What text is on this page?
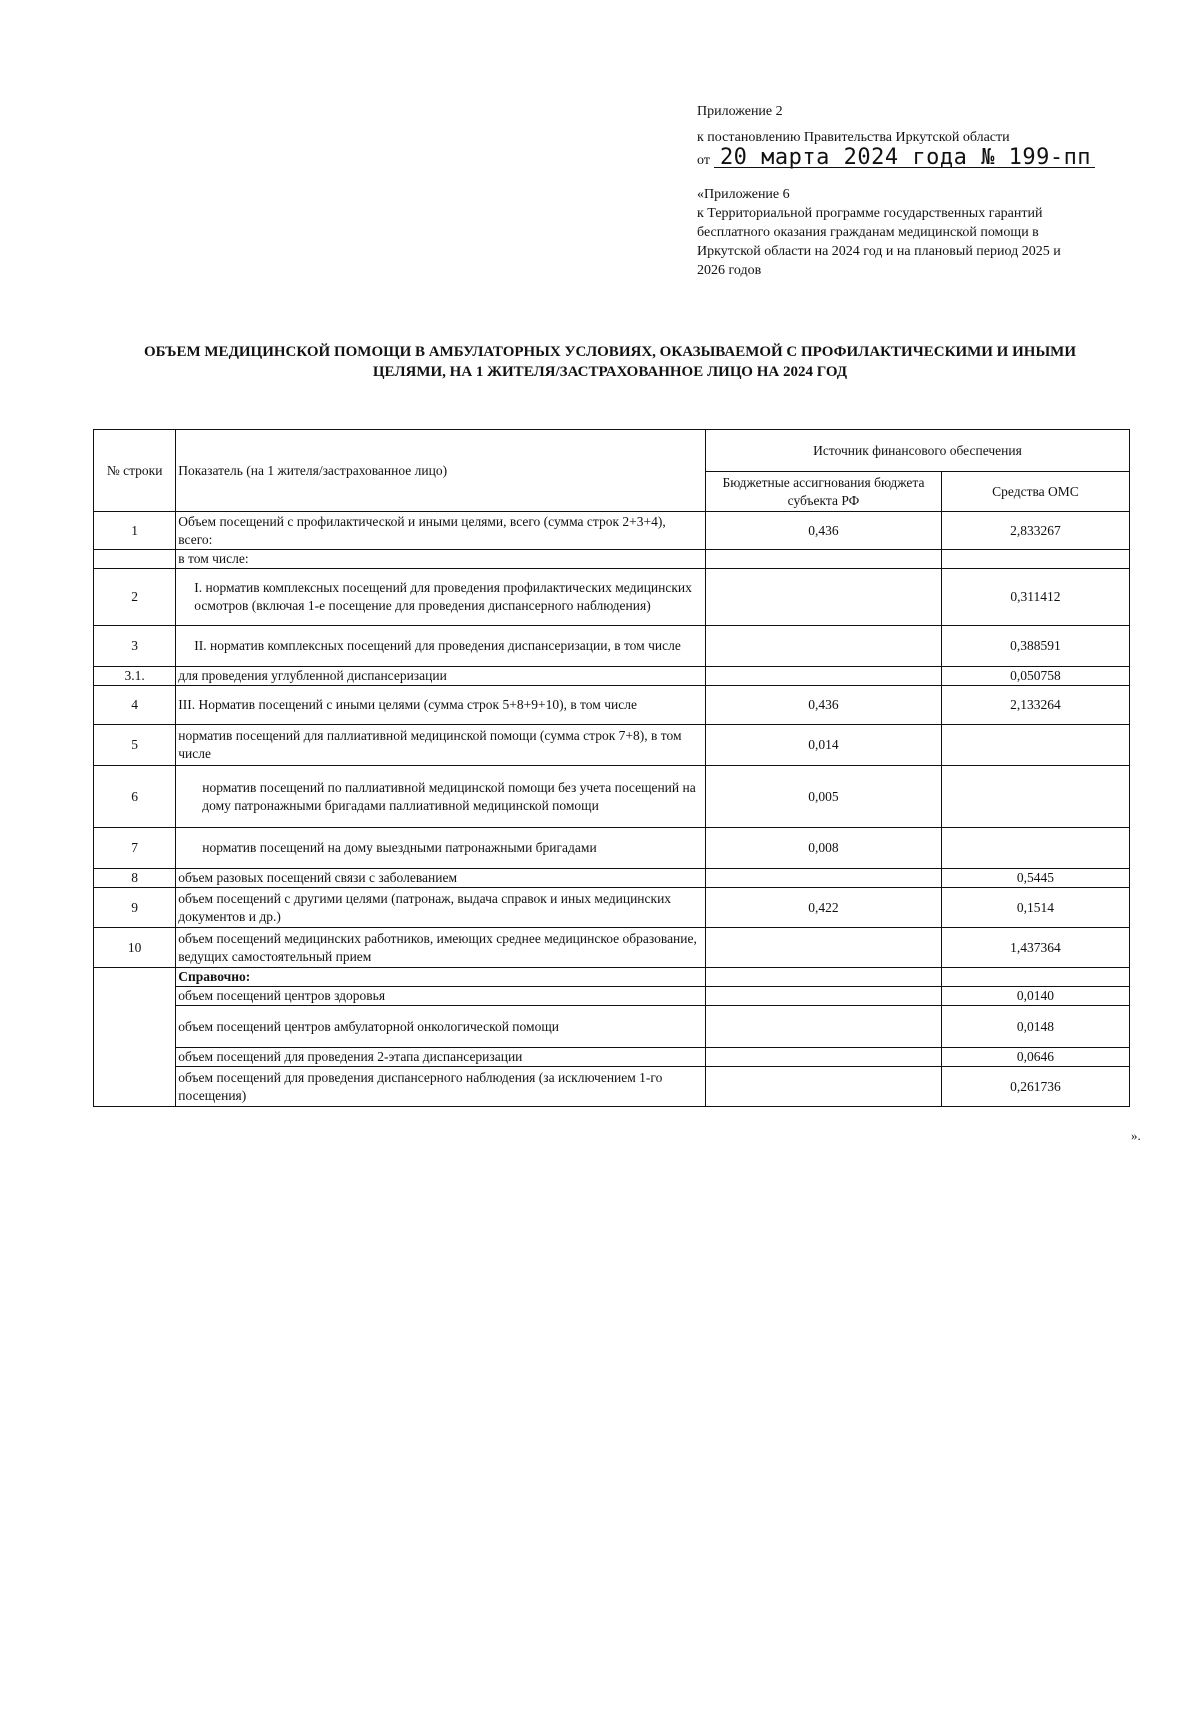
Приложение 2
к постановлению Правительства Иркутской области
от 20 марта 2024 года № 199-пп
«Приложение 6
к Территориальной программе государственных гарантий
бесплатного оказания гражданам медицинской помощи в
Иркутской области на 2024 год и на плановый период 2025 и
2026 годов
ОБЪЕМ МЕДИЦИНСКОЙ ПОМОЩИ В АМБУЛАТОРНЫХ УСЛОВИЯХ, ОКАЗЫВАЕМОЙ С ПРОФИЛАКТИЧЕСКИМИ И ИНЫМИ
ЦЕЛЯМИ, НА 1 ЖИТЕЛЯ/ЗАСТРАХОВАННОЕ ЛИЦО НА 2024 ГОД
№ строки	Показатель (на 1 жителя/застрахованное лицо)	Источник финансового обеспечения	
		Бюджетные ассигнования бюджета субъекта РФ	Средства ОМС
1	Объем посещений с профилактической и иными целями, всего (сумма строк 2+3+4), всего:	0,436	2,833267
	в том числе:		
2	I. норматив комплексных посещений для проведения профилактических медицинских осмотров (включая 1-е посещение для проведения диспансерного наблюдения)		0,311412
3	II. норматив комплексных посещений для проведения диспансеризации, в том числе		0,388591
3.1.	для проведения углубленной диспансеризации		0,050758
4	III. Норматив посещений с иными целями (сумма строк 5+8+9+10), в том числе	0,436	2,133264
5	норматив посещений для паллиативной медицинской помощи (сумма строк 7+8), в том числе	0,014	
6	норматив посещений по паллиативной медицинской помощи без учета посещений на дому патронажными бригадами паллиативной медицинской помощи	0,005	
7	норматив посещений на дому выездными патронажными бригадами	0,008	
8	объем разовых посещений связи с заболеванием		0,5445
9	объем посещений с другими целями (патронаж, выдача справок и иных медицинских документов и др.)	0,422	0,1514
10	объем посещений медицинских работников, имеющих среднее медицинское образование, ведущих самостоятельный прием		1,437364
	Справочно:		
	объем посещений центров здоровья		0,0140
	объем посещений центров амбулаторной онкологической помощи		0,0148
	объем посещений для проведения 2-этапа диспансеризации		0,0646
	объем посещений для проведения диспансерного наблюдения (за исключением 1-го посещения)		0,261736
».
